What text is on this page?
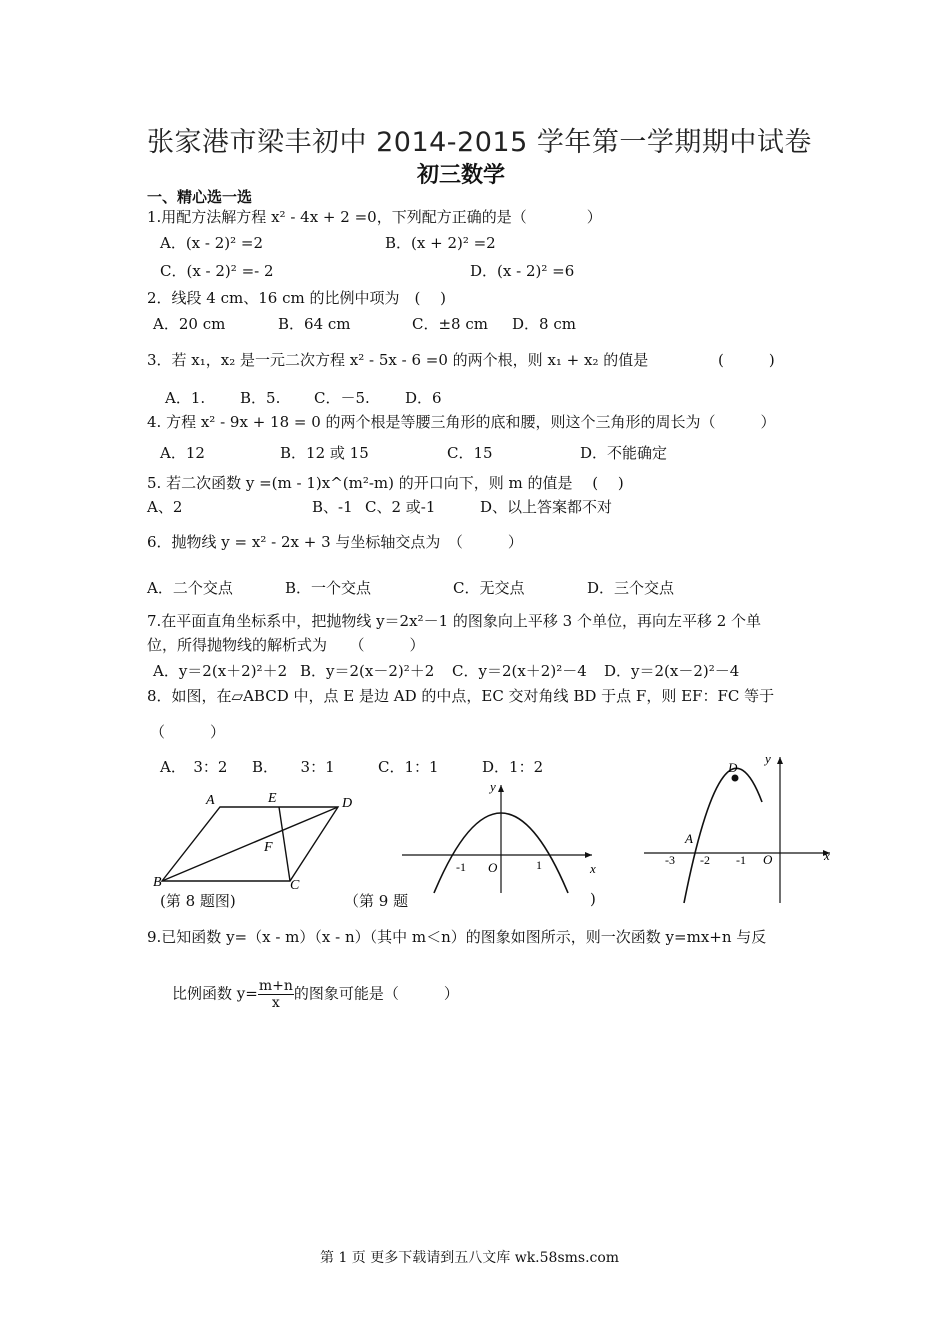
张家港市梁丰初中 2014-2015 学年第一学期期中试卷
初三数学
一、精心选一选
1.用配方法解方程 x² - 4x + 2 =0，下列配方正确的是（　　　　）
A．(x - 2)² =2	B．(x + 2)² =2
C．(x - 2)² =- 2	D．(x - 2)² =6
2．线段 4 cm、16 cm 的比例中项为　(　 )
A．20 cm	B．64 cm	C．±8 cm D．8 cm
3．若 x₁，x₂ 是一元二次方程 x² - 5x - 6 =0 的两个根，则 x₁ + x₂ 的值是	(　　　)
A．1. B．5. C．－5. D．6
4. 方程 x² - 9x + 18 = 0 的两个根是等腰三角形的底和腰，则这个三角形的周长为（　　　）
A．12	B．12 或 15	C．15	D．不能确定
5. 若二次函数 y =(m - 1)x^(m²-m) 的开口向下，则 m 的值是　 (　 )
A、2	B、-1 C、2 或-1	D、以上答案都不对
6．抛物线 y = x² - 2x + 3 与坐标轴交点为　（　　　）
A．二个交点	B．一个交点	C．无交点	D．三个交点
7.在平面直角坐标系中，把抛物线 y＝2x²－1 的图象向上平移 3 个单位，再向左平移 2 个单
位，所得抛物线的解析式为　　（　　　）
A．y＝2(x＋2)²＋2 B．y＝2(x－2)²＋2 C．y＝2(x＋2)²－4 D．y＝2(x－2)²－4
8．如图，在▱ABCD 中，点 E 是边 AD 的中点，EC 交对角线 BD 于点 F，则 EF：FC 等于
（　　　）
A．　3：2 B．　　3：1	C．1：1	D．1：2
A	E	D
F
B	C
(第 8 题图)
x
y
O
-1	1
（第 9 题	)
D
A
x
y
O
-3 -2 -1
9.已知函数 y=（x - m）（x - n）（其中 m＜n）的图象如图所示，则一次函数 y=mx+n 与反
比例函数 $y= \frac{m+n}{x}$ 的图象可能是（　　　）
第 1 页 更多下载请到五八文库 wk.58sms.com
